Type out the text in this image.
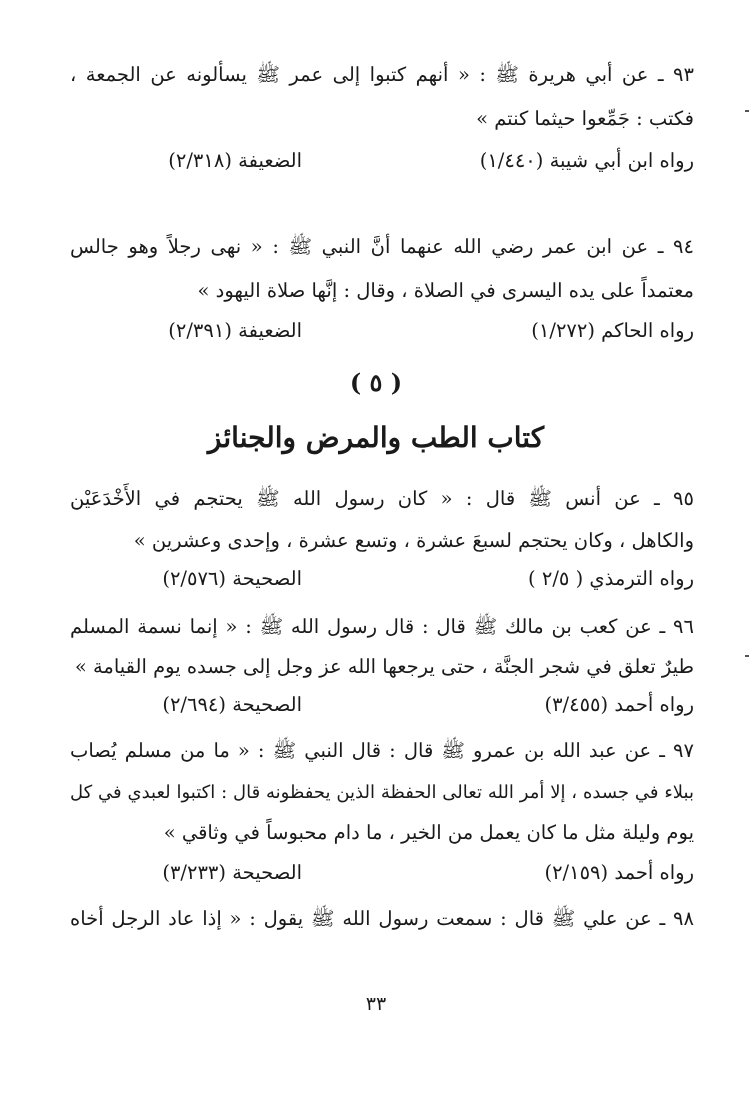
٩٣ ـ عن أبي هريرة ﷺ : « أنهم كتبوا إلى عمر ﷺ يسألونه عن الجمعة ،
فكتب : جَمِّعوا حيثما كنتم »
رواه ابن أبي شيبة (١/٤٤٠)
الضعيفة (٢/٣١٨)
٩٤ ـ عن ابن عمر رضي الله عنهما أنَّ النبي ﷺ : « نهى رجلاً وهو جالس
معتمداً على يده اليسرى في الصلاة ، وقال : إنَّها صلاة اليهود »
رواه الحاكم (١/٢٧٢)
الضعيفة (٢/٣٩١)
( ٥ )
كتاب الطب والمرض والجنائز
٩٥ ـ عن أنس ﷺ قال : « كان رسول الله ﷺ يحتجم في الأَخْدَعَيْن
والكاهل ، وكان يحتجم لسبعَ عشرة ، وتسع عشرة ، وإحدى وعشرين »
رواه الترمذي ( ٢/٥ )
الصحيحة (٢/٥٧٦)
٩٦ ـ عن كعب بن مالك ﷺ قال : قال رسول الله ﷺ : « إنما نسمة المسلم
طيرٌ تعلق في شجر الجنَّة ، حتى يرجعها الله عز وجل إلى جسده يوم القيامة »
رواه أحمد (٣/٤٥٥)
الصحيحة (٢/٦٩٤)
٩٧ ـ عن عبد الله بن عمرو ﷺ قال : قال النبي ﷺ : « ما من مسلم يُصاب
ببلاء في جسده ، إلا أمر الله تعالى الحفظة الذين يحفظونه قال : اكتبوا لعبدي في كل
يوم وليلة مثل ما كان يعمل من الخير ، ما دام محبوساً في وثاقي »
رواه أحمد (٢/١٥٩)
الصحيحة (٣/٢٣٣)
٩٨ ـ عن علي ﷺ قال : سمعت رسول الله ﷺ يقول : « إذا عاد الرجل أخاه
٣٣
